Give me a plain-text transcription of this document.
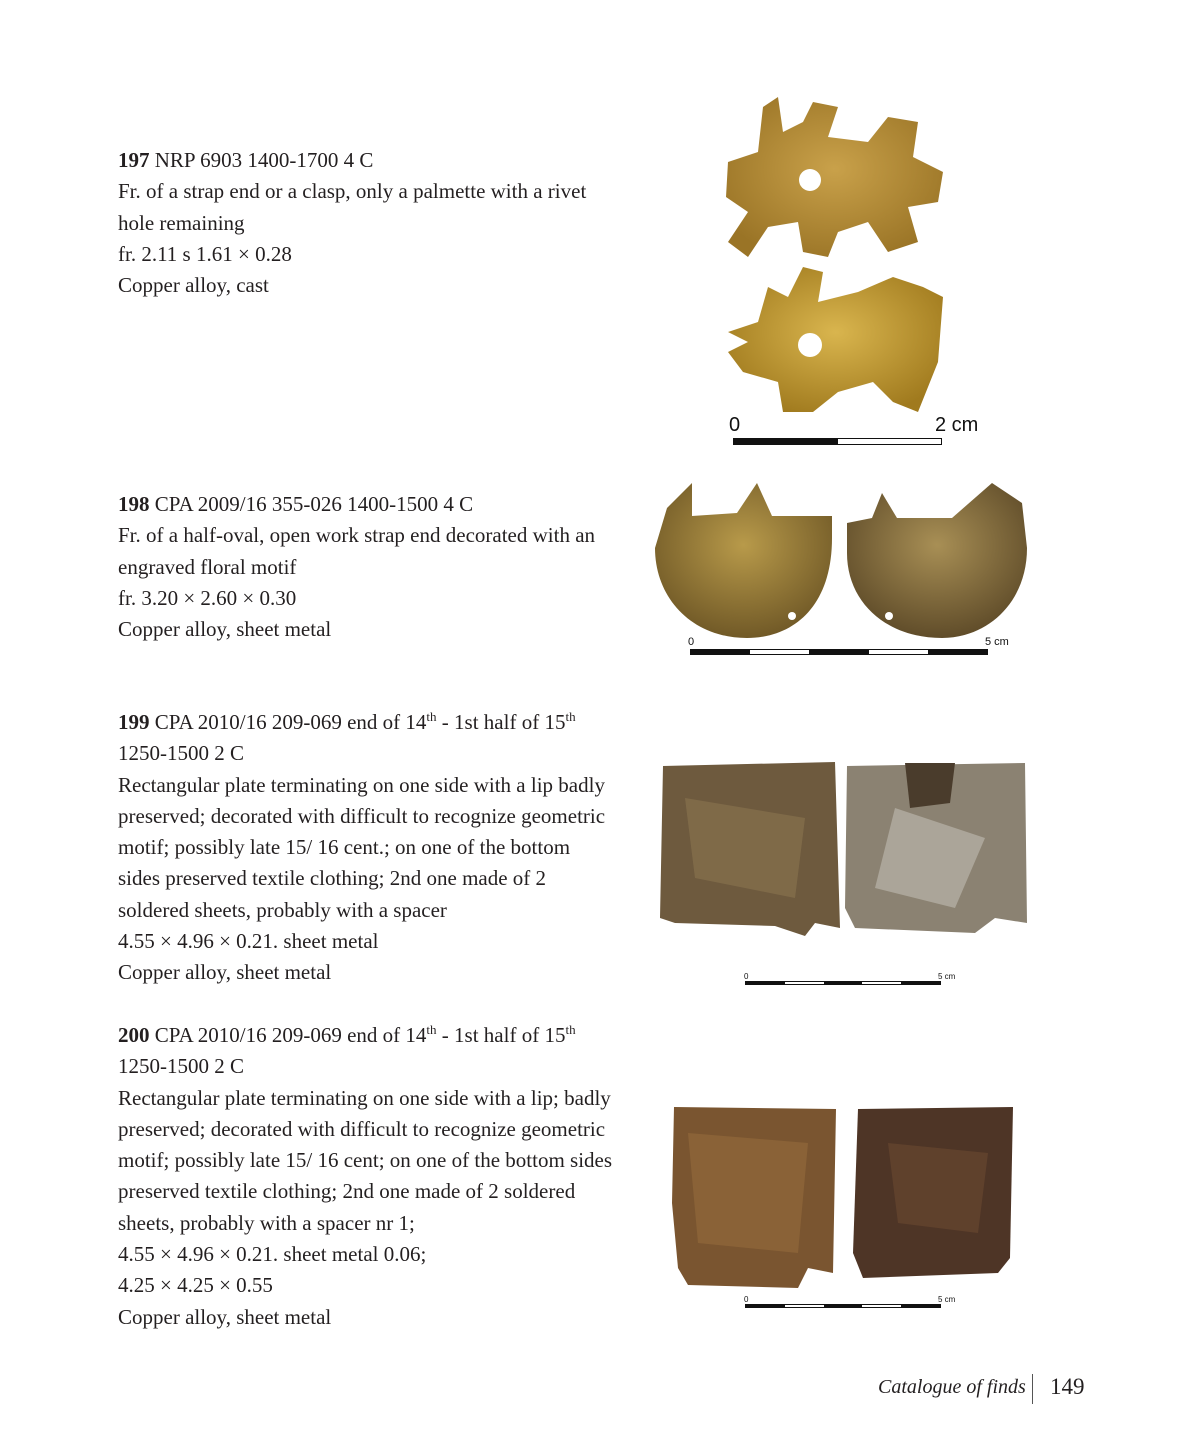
197 NRP 6903 1400-1700 4 C

Fr. of a strap end or a clasp, only a palmette with a rivet hole remaining

fr. 2.11 s 1.61 × 0.28

Copper alloy, cast

198 CPA 2009/16 355-026 1400-1500 4 C

Fr. of a half-oval, open work strap end decorated with an engraved floral motif

fr. 3.20 × 2.60 × 0.30

Copper alloy, sheet metal

199 CPA 2010/16 209-069 end of 14th - 1st half of 15th

1250-1500 2 C

Rectangular plate terminating on one side with a lip badly preserved; decorated with difficult to recognize geometric motif; possibly late 15/ 16 cent.; on one of the bottom sides preserved textile clothing; 2nd one made of 2 soldered sheets, probably with a spacer

4.55 × 4.96 × 0.21. sheet metal

Copper alloy, sheet metal

200 CPA 2010/16 209-069 end of 14th - 1st half of 15th

1250-1500 2 C

Rectangular plate terminating on one side with a lip; badly preserved; decorated with difficult to recognize geometric motif; possibly late 15/ 16 cent; on one of the bottom sides preserved textile clothing; 2nd one made of 2 soldered sheets, probably with a spacer nr 1;

4.55 × 4.96 × 0.21. sheet metal 0.06;

4.25 × 4.25 × 0.55

Copper alloy, sheet metal

0	2 cm
0	5 cm
0	5 cm
0	5 cm
Catalogue of finds 149
